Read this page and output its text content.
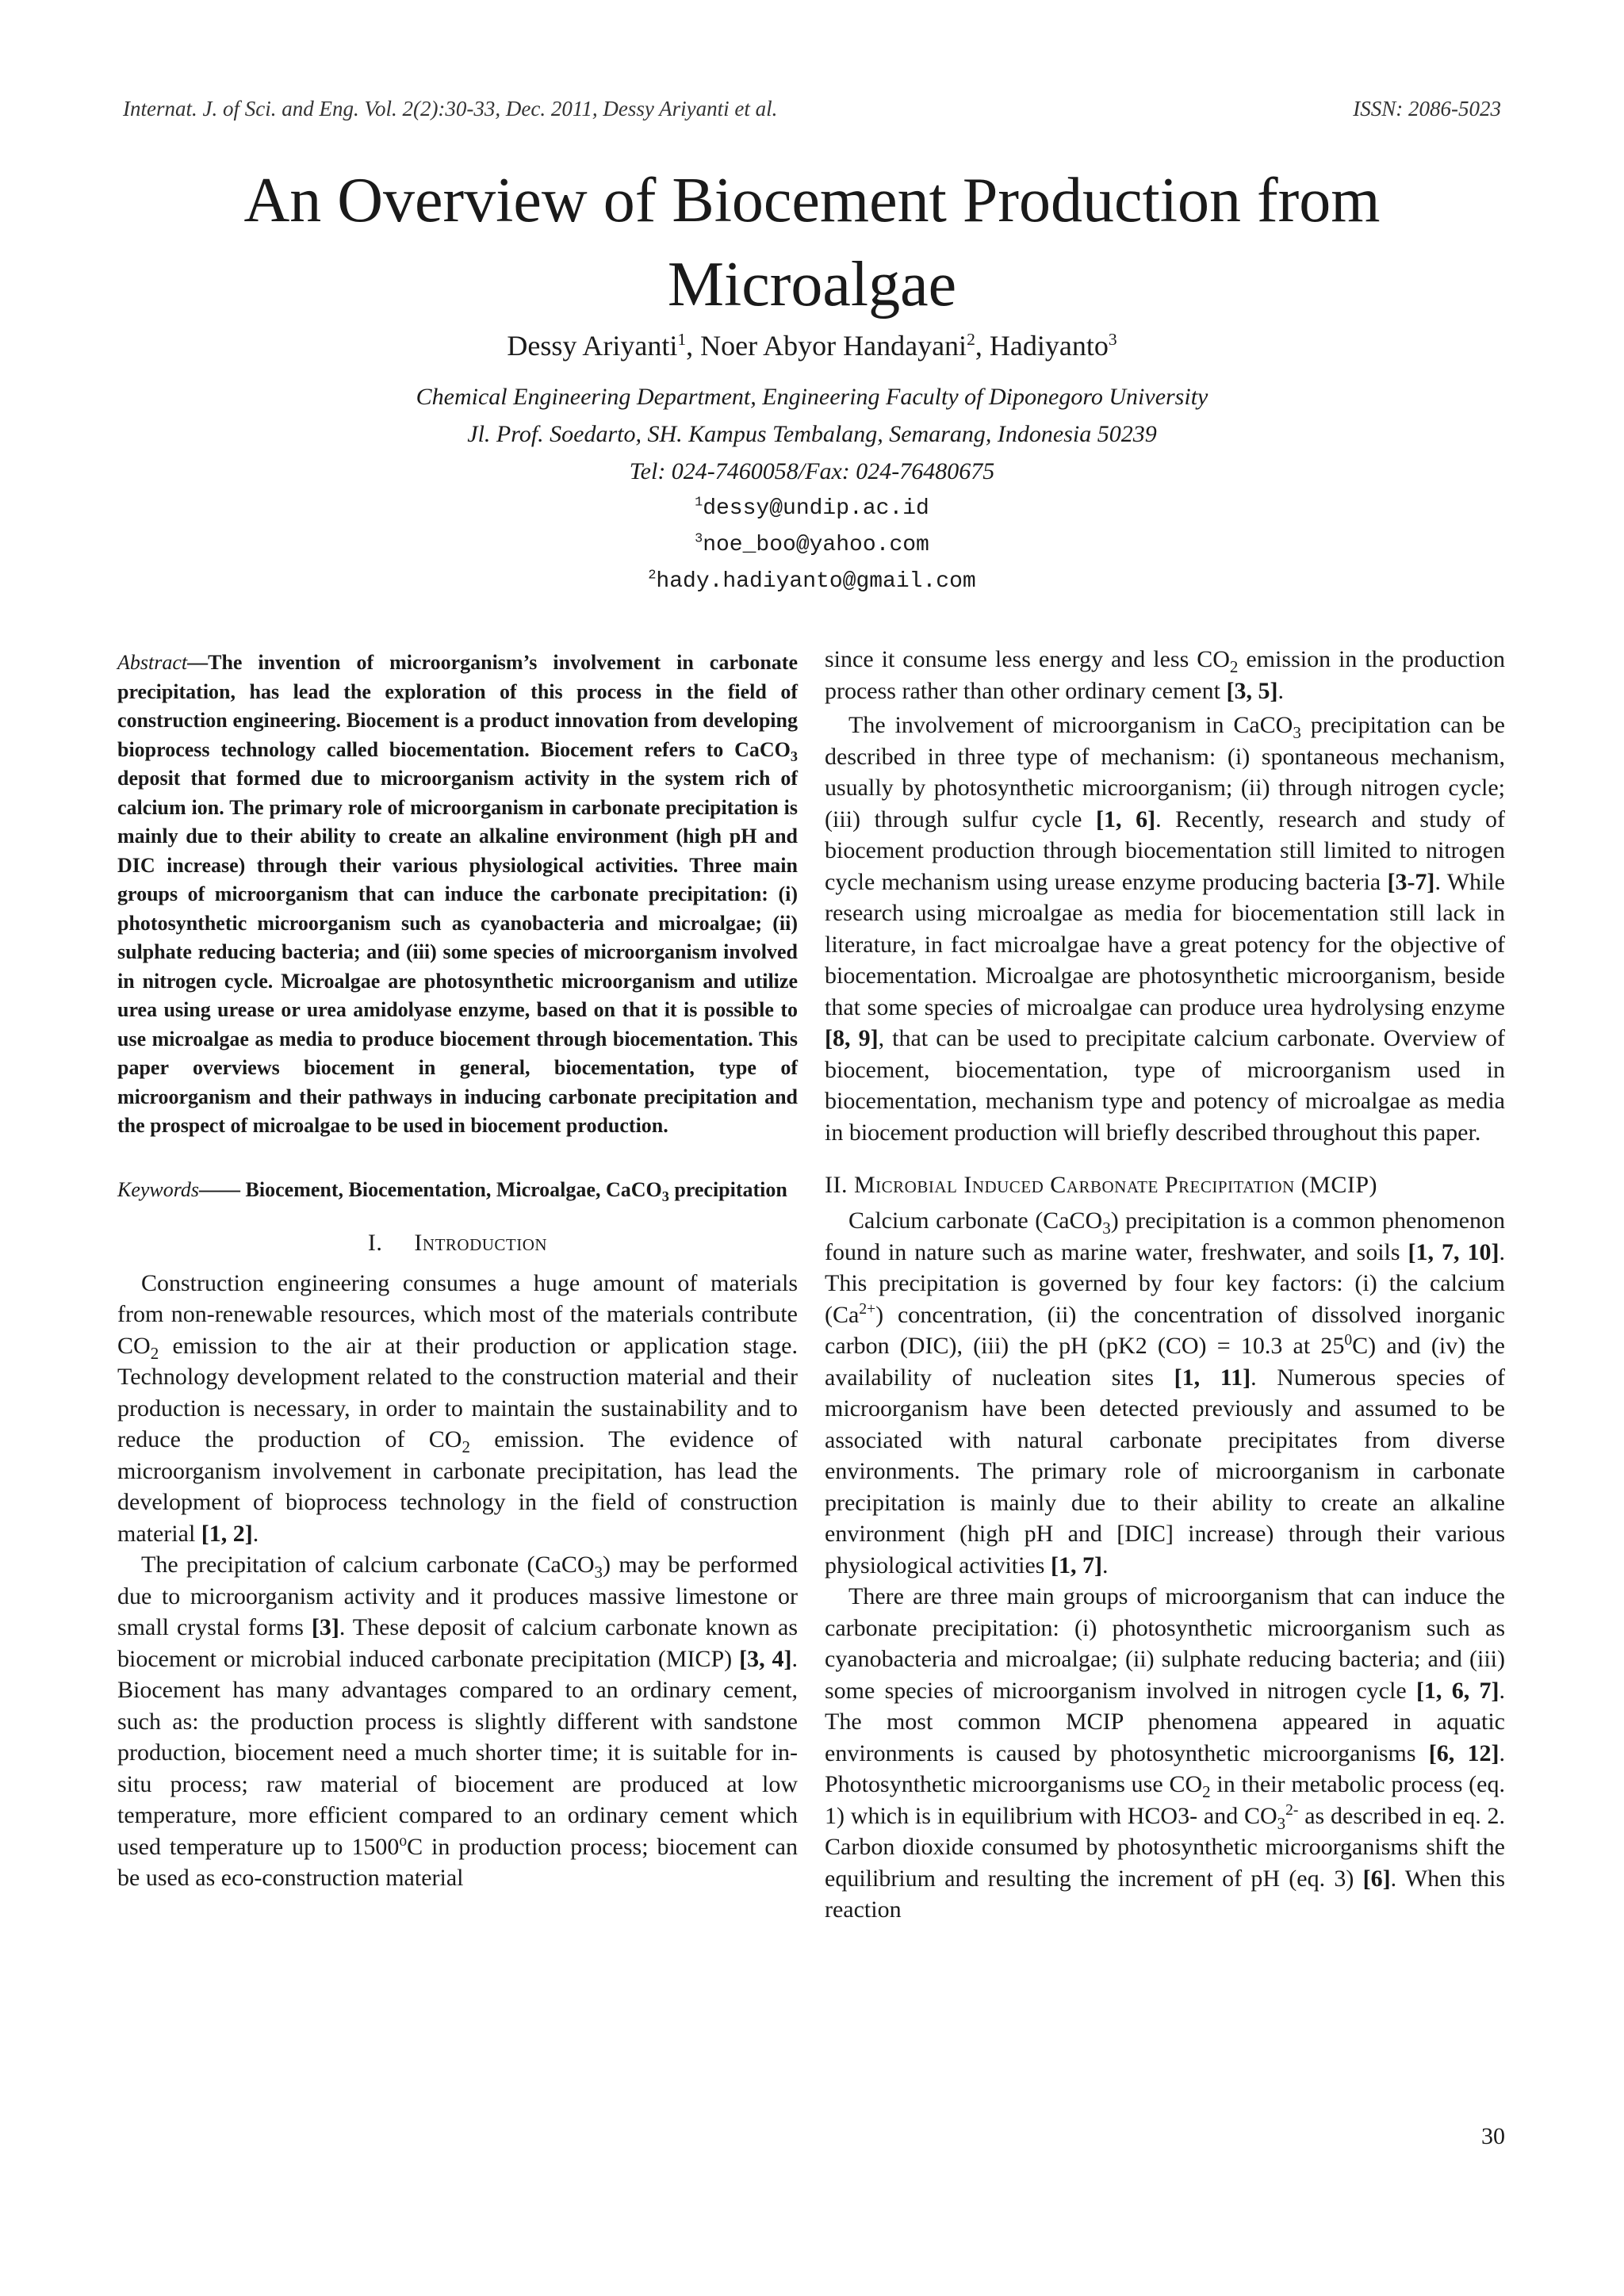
Internat. J. of Sci. and Eng. Vol. 2(2):30-33, Dec. 2011, Dessy Ariyanti et al.	ISSN: 2086-5023
An Overview of Biocement Production from
Microalgae
Dessy Ariyanti$^1$, Noer Abyor Handayani$^2$, Hadiyanto$^3$
Chemical Engineering Department, Engineering Faculty of Diponegoro University
Jl. Prof. Soedarto, SH. Kampus Tembalang, Semarang, Indonesia 50239
Tel: 024-7460058/Fax: 024-76480675
$^1$dessy@undip.ac.id
$^3$noe_boo@yahoo.com
$^2$hady.hadiyanto@gmail.com

Abstract—The invention of microorganism’s involvement in carbonate precipitation, has lead the exploration of this process in the field of construction engineering. Biocement is a product innovation from developing bioprocess technology called biocementation. Biocement refers to CaCO$_3$ deposit that formed due to microorganism activity in the system rich of calcium ion. The primary role of microorganism in carbonate precipitation is mainly due to their ability to create an alkaline environment (high pH and DIC increase) through their various physiological activities. Three main groups of microorganism that can induce the carbonate precipitation: (i) photosynthetic microorganism such as cyanobacteria and microalgae; (ii) sulphate reducing bacteria; and (iii) some species of microorganism involved in nitrogen cycle. Microalgae are photosynthetic microorganism and utilize urea using urease or urea amidolyase enzyme, based on that it is possible to use microalgae as media to produce biocement through biocementation. This paper overviews biocement in general, biocementation, type of microorganism and their pathways in inducing carbonate precipitation and the prospect of microalgae to be used in biocement production.

Keywords—— Biocement, Biocementation, Microalgae, CaCO$_3$ precipitation

I. Introduction

Construction engineering consumes a huge amount of materials from non-renewable resources, which most of the materials contribute $CO_2$ emission to the air at their production or application stage. Technology development related to the construction material and their production is necessary, in order to maintain the sustainability and to reduce the production of $CO_2$ emission. The evidence of microorganism involvement in carbonate precipitation, has lead the development of bioprocess technology in the field of construction material [1, 2].

The precipitation of calcium carbonate (CaCO$_3$) may be performed due to microorganism activity and it produces massive limestone or small crystal forms [3]. These deposit of calcium carbonate known as biocement or microbial induced carbonate precipitation (MICP) [3, 4]. Biocement has many advantages compared to an ordinary cement, such as: the production process is slightly different with sandstone production, biocement need a much shorter time; it is suitable for in-situ process; raw material of biocement are produced at low temperature, more efficient compared to an ordinary cement which used temperature up to 1500$^o$C in production process; biocement can be used as eco-construction material

since it consume less energy and less $CO_2$ emission in the production process rather than other ordinary cement [3, 5].

The involvement of microorganism in CaCO$_3$ precipitation can be described in three type of mechanism: (i) spontaneous mechanism, usually by photosynthetic microorganism; (ii) through nitrogen cycle; (iii) through sulfur cycle [1, 6]. Recently, research and study of biocement production through biocementation still limited to nitrogen cycle mechanism using urease enzyme producing bacteria [3-7]. While research using microalgae as media for biocementation still lack in literature, in fact microalgae have a great potency for the objective of biocementation. Microalgae are photosynthetic microorganism, beside that some species of microalgae can produce urea hydrolysing enzyme [8, 9], that can be used to precipitate calcium carbonate. Overview of biocement, biocementation, type of microorganism used in biocementation, mechanism type and potency of microalgae as media in biocement production will briefly described throughout this paper.

II. Microbial Induced Carbonate Precipitation (MCIP)

Calcium carbonate (CaCO$_3$) precipitation is a common phenomenon found in nature such as marine water, freshwater, and soils [1, 7, 10]. This precipitation is governed by four key factors: (i) the calcium $(Ca^{2+})$ concentration, (ii) the concentration of dissolved inorganic carbon (DIC), (iii) the pH (pK2 (CO) = 10.3 at $25^0C$) and (iv) the availability of nucleation sites [1, 11]. Numerous species of microorganism have been detected previously and assumed to be associated with natural carbonate precipitates from diverse environments. The primary role of microorganism in carbonate precipitation is mainly due to their ability to create an alkaline environment (high pH and [DIC] increase) through their various physiological activities [1, 7].

There are three main groups of microorganism that can induce the carbonate precipitation: (i) photosynthetic microorganism such as cyanobacteria and microalgae; (ii) sulphate reducing bacteria; and (iii) some species of microorganism involved in nitrogen cycle [1, 6, 7]. The most common MCIP phenomena appeared in aquatic environments is caused by photosynthetic microorganisms [6, 12]. Photosynthetic microorganisms use $CO_2$ in their metabolic process (eq. 1) which is in equilibrium with HCO3- and $CO_3^{2-}$ as described in eq. 2. Carbon dioxide consumed by photosynthetic microorganisms shift the equilibrium and resulting the increment of pH (eq. 3) [6]. When this reaction

30
